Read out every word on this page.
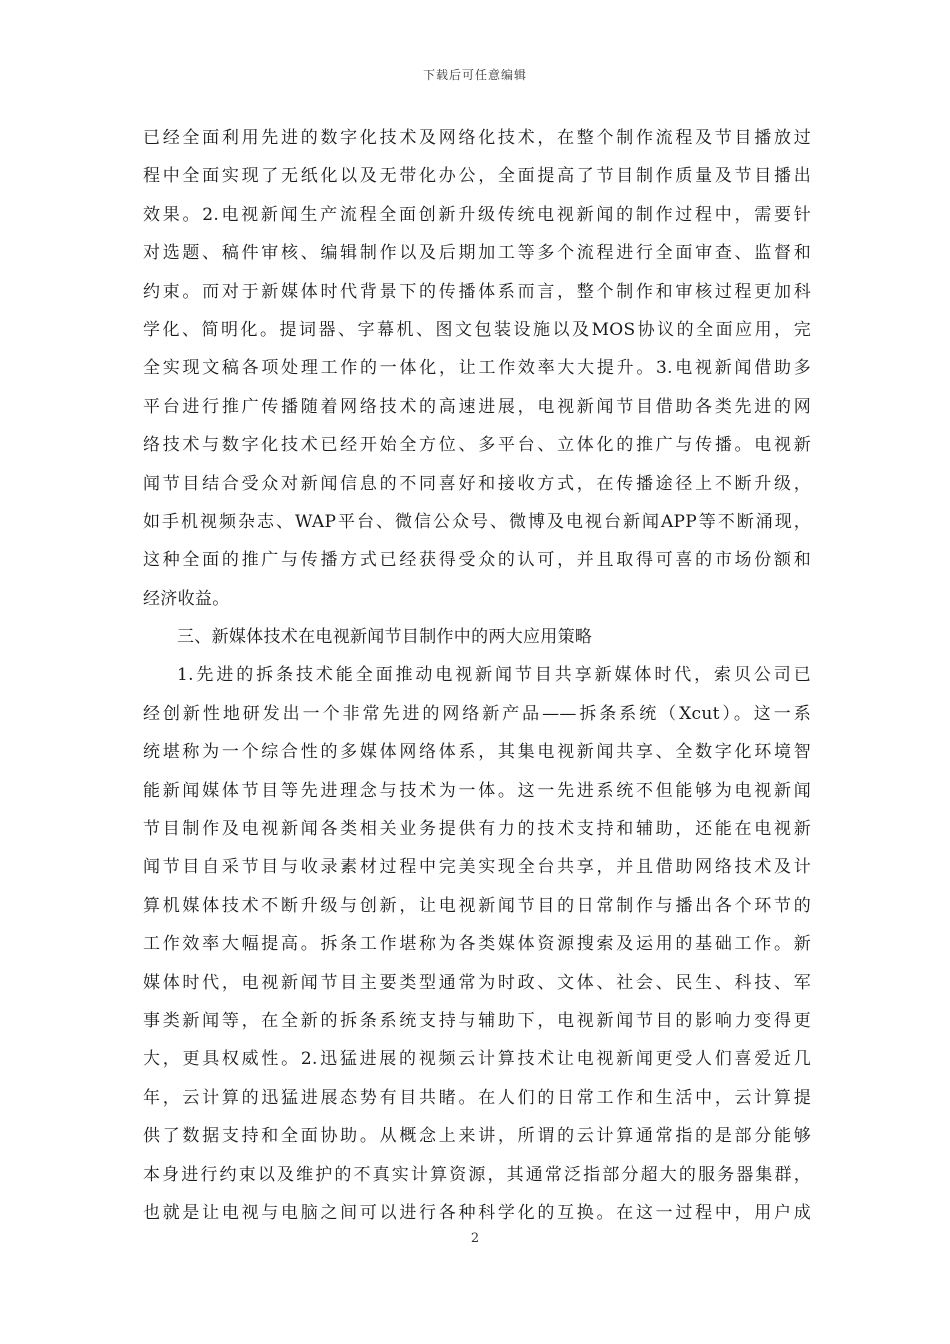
下载后可任意编辑
已经全面利用先进的数字化技术及网络化技术，在整个制作流程及节目播放过
程中全面实现了无纸化以及无带化办公，全面提高了节目制作质量及节目播出
效果。2.电视新闻生产流程全面创新升级传统电视新闻的制作过程中，需要针
对选题、稿件审核、编辑制作以及后期加工等多个流程进行全面审查、监督和
约束。而对于新媒体时代背景下的传播体系而言，整个制作和审核过程更加科
学化、简明化。提词器、字幕机、图文包装设施以及MOS协议的全面应用，完
全实现文稿各项处理工作的一体化，让工作效率大大提升。3.电视新闻借助多
平台进行推广传播随着网络技术的高速进展，电视新闻节目借助各类先进的网
络技术与数字化技术已经开始全方位、多平台、立体化的推广与传播。电视新
闻节目结合受众对新闻信息的不同喜好和接收方式，在传播途径上不断升级，
如手机视频杂志、WAP平台、微信公众号、微博及电视台新闻APP等不断涌现，
这种全面的推广与传播方式已经获得受众的认可，并且取得可喜的市场份额和
经济收益。
三、新媒体技术在电视新闻节目制作中的两大应用策略
1.先进的拆条技术能全面推动电视新闻节目共享新媒体时代，索贝公司已
经创新性地研发出一个非常先进的网络新产品——拆条系统（Xcut）。这一系
统堪称为一个综合性的多媒体网络体系，其集电视新闻共享、全数字化环境智
能新闻媒体节目等先进理念与技术为一体。这一先进系统不但能够为电视新闻
节目制作及电视新闻各类相关业务提供有力的技术支持和辅助，还能在电视新
闻节目自采节目与收录素材过程中完美实现全台共享，并且借助网络技术及计
算机媒体技术不断升级与创新，让电视新闻节目的日常制作与播出各个环节的
工作效率大幅提高。拆条工作堪称为各类媒体资源搜索及运用的基础工作。新
媒体时代，电视新闻节目主要类型通常为时政、文体、社会、民生、科技、军
事类新闻等，在全新的拆条系统支持与辅助下，电视新闻节目的影响力变得更
大，更具权威性。2.迅猛进展的视频云计算技术让电视新闻更受人们喜爱近几
年，云计算的迅猛进展态势有目共睹。在人们的日常工作和生活中，云计算提
供了数据支持和全面协助。从概念上来讲，所谓的云计算通常指的是部分能够
本身进行约束以及维护的不真实计算资源，其通常泛指部分超大的服务器集群，
也就是让电视与电脑之间可以进行各种科学化的互换。在这一过程中，用户成
2
